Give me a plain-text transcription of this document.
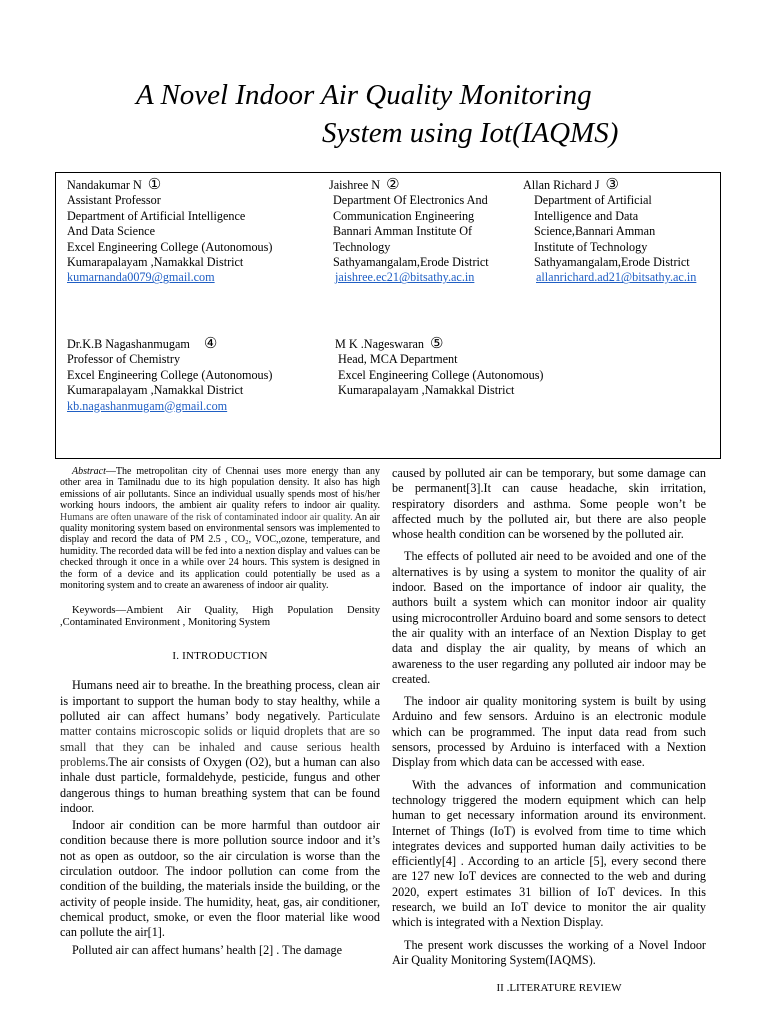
A Novel Indoor Air Quality Monitoring
System using Iot(IAQMS)
Nandakumar N ①
Assistant Professor
Department of Artificial Intelligence
And Data Science
Excel Engineering College (Autonomous)
Kumarapalayam ,Namakkal District
kumarnanda0079@gmail.com
Jaishree N ②
Department Of Electronics And
Communication Engineering
Bannari Amman Institute Of
Technology
Sathyamangalam,Erode District
jaishree.ec21@bitsathy.ac.in
Allan Richard J ③
Department of Artificial
Intelligence and Data
Science,Bannari Amman
Institute of Technology
Sathyamangalam,Erode District
allanrichard.ad21@bitsathy.ac.in
Dr.K.B Nagashanmugam ④
Professor of Chemistry
Excel Engineering College (Autonomous)
Kumarapalayam ,Namakkal District
kb.nagashanmugam@gmail.com
M K .Nageswaran ⑤
Head, MCA Department
Excel Engineering College (Autonomous)
Kumarapalayam ,Namakkal District

Abstract—The metropolitan city of Chennai uses more energy than any other area in Tamilnadu due to its high population density. It also has high emissions of air pollutants. Since an individual usually spends most of his/her working hours indoors, the ambient air quality refers to indoor air quality. Humans are often unaware of the risk of contaminated indoor air quality. An air quality monitoring system based on environmental sensors was implemented to display and record the data of PM 2.5 , CO₂, VOC,,ozone, temperature, and humidity. The recorded data will be fed into a nextion display and values can be checked through it once in a while over 24 hours. This system is designed in the form of a device and its application could potentially be used as a monitoring system and to create an awareness of indoor air quality.

Keywords—Ambient Air Quality, High Population Density ,Contaminated Environment , Monitoring System

I. INTRODUCTION

Humans need air to breathe. In the breathing process, clean air is important to support the human body to stay healthy, while a polluted air can affect humans’ body negatively. Particulate matter contains microscopic solids or liquid droplets that are so small that they can be inhaled and cause serious health problems.The air consists of Oxygen (O2), but a human can also inhale dust particle, formaldehyde, pesticide, fungus and other dangerous things to human breathing system that can be found indoor.

Indoor air condition can be more harmful than outdoor air condition because there is more pollution source indoor and it’s not as open as outdoor, so the air circulation is worse than the circulation outdoor. The indoor pollution can come from the condition of the building, the materials inside the building, or the activity of people inside. The humidity, heat, gas, air conditioner, chemical product, smoke, or even the floor material like wood can pollute the air[1].

Polluted air can affect humans’ health [2] . The damage

caused by polluted air can be temporary, but some damage can be permanent[3].It can cause headache, skin irritation, respiratory disorders and asthma. Some people won’t be affected much by the polluted air, but there are also people whose health condition can be worsened by the polluted air.

The effects of polluted air need to be avoided and one of the alternatives is by using a system to monitor the quality of air indoor. Based on the importance of indoor air quality, the authors built a system which can monitor indoor air quality using microcontroller Arduino board and some sensors to detect the air quality with an interface of an Nextion Display to get data and display the air quality, by means of which an awareness to the user regarding any polluted air indoor may be created.

The indoor air quality monitoring system is built by using Arduino and few sensors. Arduino is an electronic module which can be programmed. The input data read from such sensors, processed by Arduino is interfaced with a Nextion Display from which data can be accessed with ease.

With the advances of information and communication technology triggered the modern equipment which can help human to get necessary information around its environment. Internet of Things (IoT) is evolved from time to time which integrates devices and supported human daily activities to be efficiently[4] . According to an article [5], every second there are 127 new IoT devices are connected to the web and during 2020, expert estimates 31 billion of IoT devices. In this research, we build an IoT device to monitor the air quality which is integrated with a Nextion Display.

The present work discusses the working of a Novel Indoor Air Quality Monitoring System(IAQMS).

II .LITERATURE REVIEW
